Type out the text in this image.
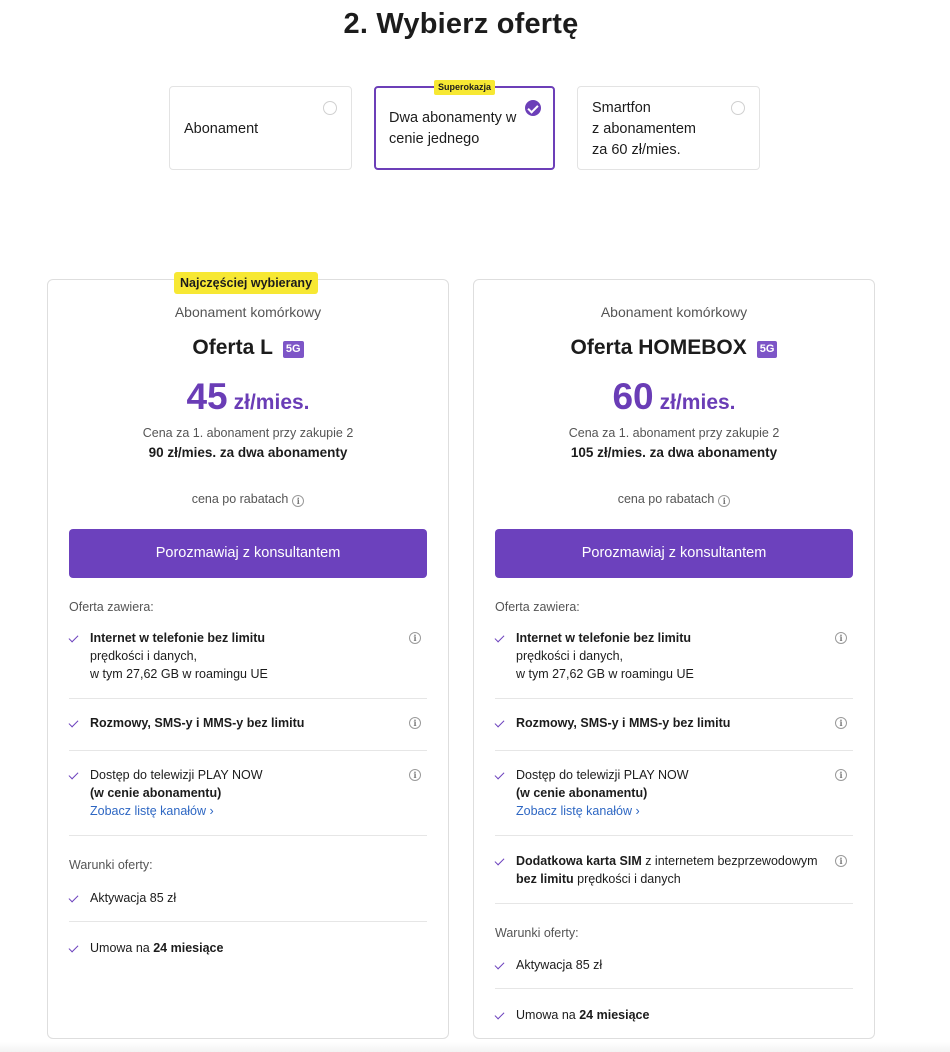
2. Wybierz ofertę
Abonament
Superokazja
Dwa abonamenty w
cenie jednego
Smartfon
z abonamentem
za 60 zł/mies.
Najczęściej wybierany
Abonament komórkowy
Oferta L 5G
45 zł/mies.
Cena za 1. abonament przy zakupie 2
90 zł/mies. za dwa abonamenty
cena po rabatach i
Porozmawiaj z konsultantem
Oferta zawiera:
Internet w telefonie bez limitu
prędkości i danych,
w tym 27,62 GB w roamingu UE
i
Rozmowy, SMS-y i MMS-y bez limitu	i
Dostęp do telewizji PLAY NOW
(w cenie abonamentu)
Zobacz listę kanałów ›
i
Warunki oferty:
Aktywacja 85 zł
Umowa na 24 miesiące
Abonament komórkowy
Oferta HOMEBOX 5G
60 zł/mies.
Cena za 1. abonament przy zakupie 2
105 zł/mies. za dwa abonamenty
cena po rabatach i
Porozmawiaj z konsultantem
Oferta zawiera:
Internet w telefonie bez limitu
prędkości i danych,
w tym 27,62 GB w roamingu UE
i
Rozmowy, SMS-y i MMS-y bez limitu	i
Dostęp do telewizji PLAY NOW
(w cenie abonamentu)
Zobacz listę kanałów ›
i
Dodatkowa karta SIM z internetem bezprzewodowym
bez limitu prędkości i danych
i
Warunki oferty:
Aktywacja 85 zł
Umowa na 24 miesiące
